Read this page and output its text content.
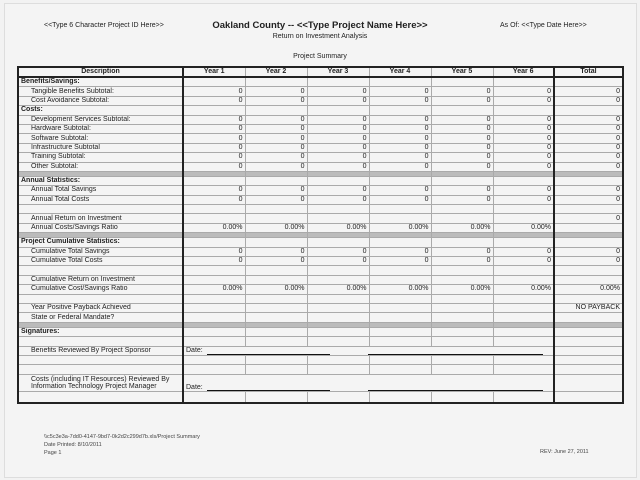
<<Type 6 Character Project ID Here>>	Oakland County -- <<Type Project Name Here>>
Return on Investment Analysis
As Of: <<Type Date Here>>
Project Summary
Description	Year 1	Year 2	Year 3	Year 4	Year 5	Year 6	Total
Benefits/Savings:							
Tangible Benefits Subtotal:	0	0	0	0	0	0	0
Cost Avoidance Subtotal:	0	0	0	0	0	0	0
Costs:							
Development Services Subtotal:	0	0	0	0	0	0	0
Hardware Subtotal:	0	0	0	0	0	0	0
Software Subtotal:	0	0	0	0	0	0	0
Infrastructure Subtotal	0	0	0	0	0	0	0
Training Subtotal:	0	0	0	0	0	0	0
Other Subtotal:	0	0	0	0	0	0	0

Annual Statistics:							
Annual Total Savings	0	0	0	0	0	0	0
Annual Total Costs	0	0	0	0	0	0	0

Annual Return on Investment							0
Annual Costs/Savings Ratio	0.00%	0.00%	0.00%	0.00%	0.00%	0.00%	

Project Cumulative Statistics:							
Cumulative Total Savings	0	0	0	0	0	0	0
Cumulative Total Costs	0	0	0	0	0	0	0

Cumulative Return on Investment							
Cumulative Cost/Savings Ratio	0.00%	0.00%	0.00%	0.00%	0.00%	0.00%	0.00%

Year Positive Payback Achieved							NO PAYBACK
State or Federal Mandate?							

Signatures:							

Benefits Reviewed By Project Sponsor	Date:						

Costs (including IT Resources) Reviewed By Information Technology Project Manager	Date:						

\\c5c3e3a-7dd0-4147-9bd7-0k2d2c299d7b.xls/Project Summary
Date Printed: 8/10/2011
Page 1	REV: June 27, 2011
